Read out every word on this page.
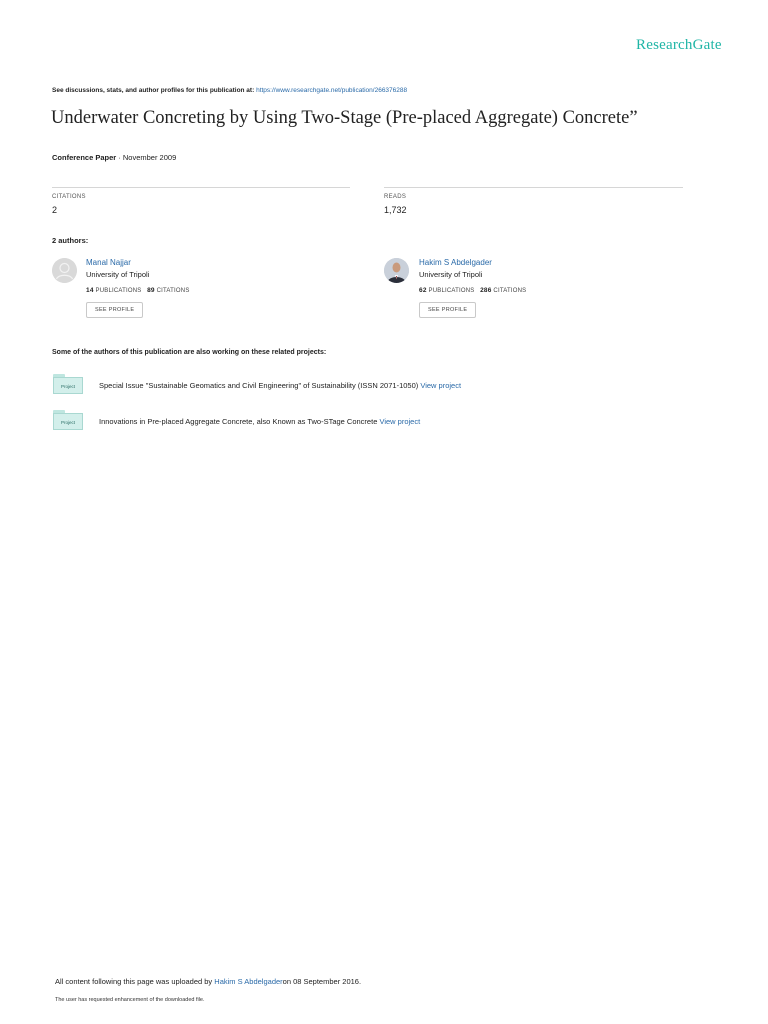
ResearchGate
See discussions, stats, and author profiles for this publication at: https://www.researchgate.net/publication/266376288
Underwater Concreting by Using Two-Stage (Pre-placed Aggregate) Concrete”
Conference Paper · November 2009
CITATIONS
2
READS
1,732
2 authors:
Manal Najjar
University of Tripoli
14 PUBLICATIONS 89 CITATIONS
SEE PROFILE
Hakim S Abdelgader
University of Tripoli
62 PUBLICATIONS 286 CITATIONS
SEE PROFILE
Some of the authors of this publication are also working on these related projects:
Project	Special Issue "Sustainable Geomatics and Civil Engineering" of Sustainability (ISSN 2071-1050) View project
Project	Innovations in Pre-placed Aggregate Concrete, also Known as Two-STage Concrete View project
All content following this page was uploaded by Hakim S Abdelgaderon 08 September 2016.
The user has requested enhancement of the downloaded file.
